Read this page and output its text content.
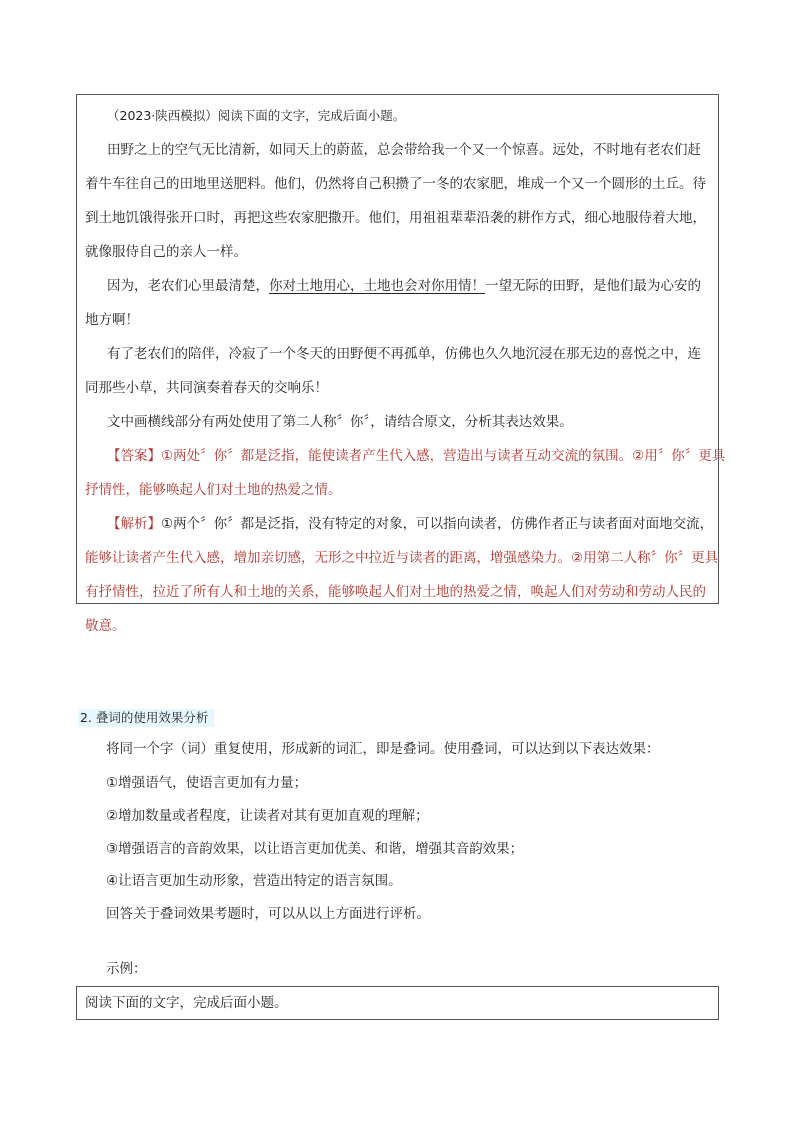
（2023·陕西模拟）阅读下面的文字，完成后面小题。
田野之上的空气无比清新，如同天上的蔚蓝，总会带给我一个又一个惊喜。远处，不时地有老农们赶
着牛车往自己的田地里送肥料。他们，仍然将自己积攒了一冬的农家肥，堆成一个又一个圆形的土丘。待
到土地饥饿得张开口时，再把这些农家肥撒开。他们，用祖祖辈辈沿袭的耕作方式，细心地服侍着大地，
就像服侍自己的亲人一样。
因为，老农们心里最清楚，你对土地用心，土地也会对你用情！一望无际的田野，是他们最为心安的
地方啊！
有了老农们的陪伴，冷寂了一个冬天的田野便不再孤单，仿佛也久久地沉浸在那无边的喜悦之中，连
同那些小草，共同演奏着春天的交响乐！
文中画横线部分有两处使用了第二人称〞你〞，请结合原文，分析其表达效果。
【答案】①两处〞你〞都是泛指，能使读者产生代入感，营造出与读者互动交流的氛围。②用〞你〞更具
抒情性，能够唤起人们对土地的热爱之情。
【解析】①两个〞你〞都是泛指，没有特定的对象，可以指向读者，仿佛作者正与读者面对面地交流，
能够让读者产生代入感，增加亲切感，无形之中拉近与读者的距离，增强感染力。②用第二人称〞你〞更具
有抒情性，拉近了所有人和土地的关系，能够唤起人们对土地的热爱之情，唤起人们对劳动和劳动人民的
敬意。
2. 叠词的使用效果分析
将同一个字（词）重复使用，形成新的词汇，即是叠词。使用叠词，可以达到以下表达效果：
①增强语气，使语言更加有力量；
②增加数量或者程度，让读者对其有更加直观的理解；
③增强语言的音韵效果，以让语言更加优美、和谐，增强其音韵效果；
④让语言更加生动形象，营造出特定的语言氛围。
回答关于叠词效果考题时，可以从以上方面进行评析。
示例：
阅读下面的文字，完成后面小题。
